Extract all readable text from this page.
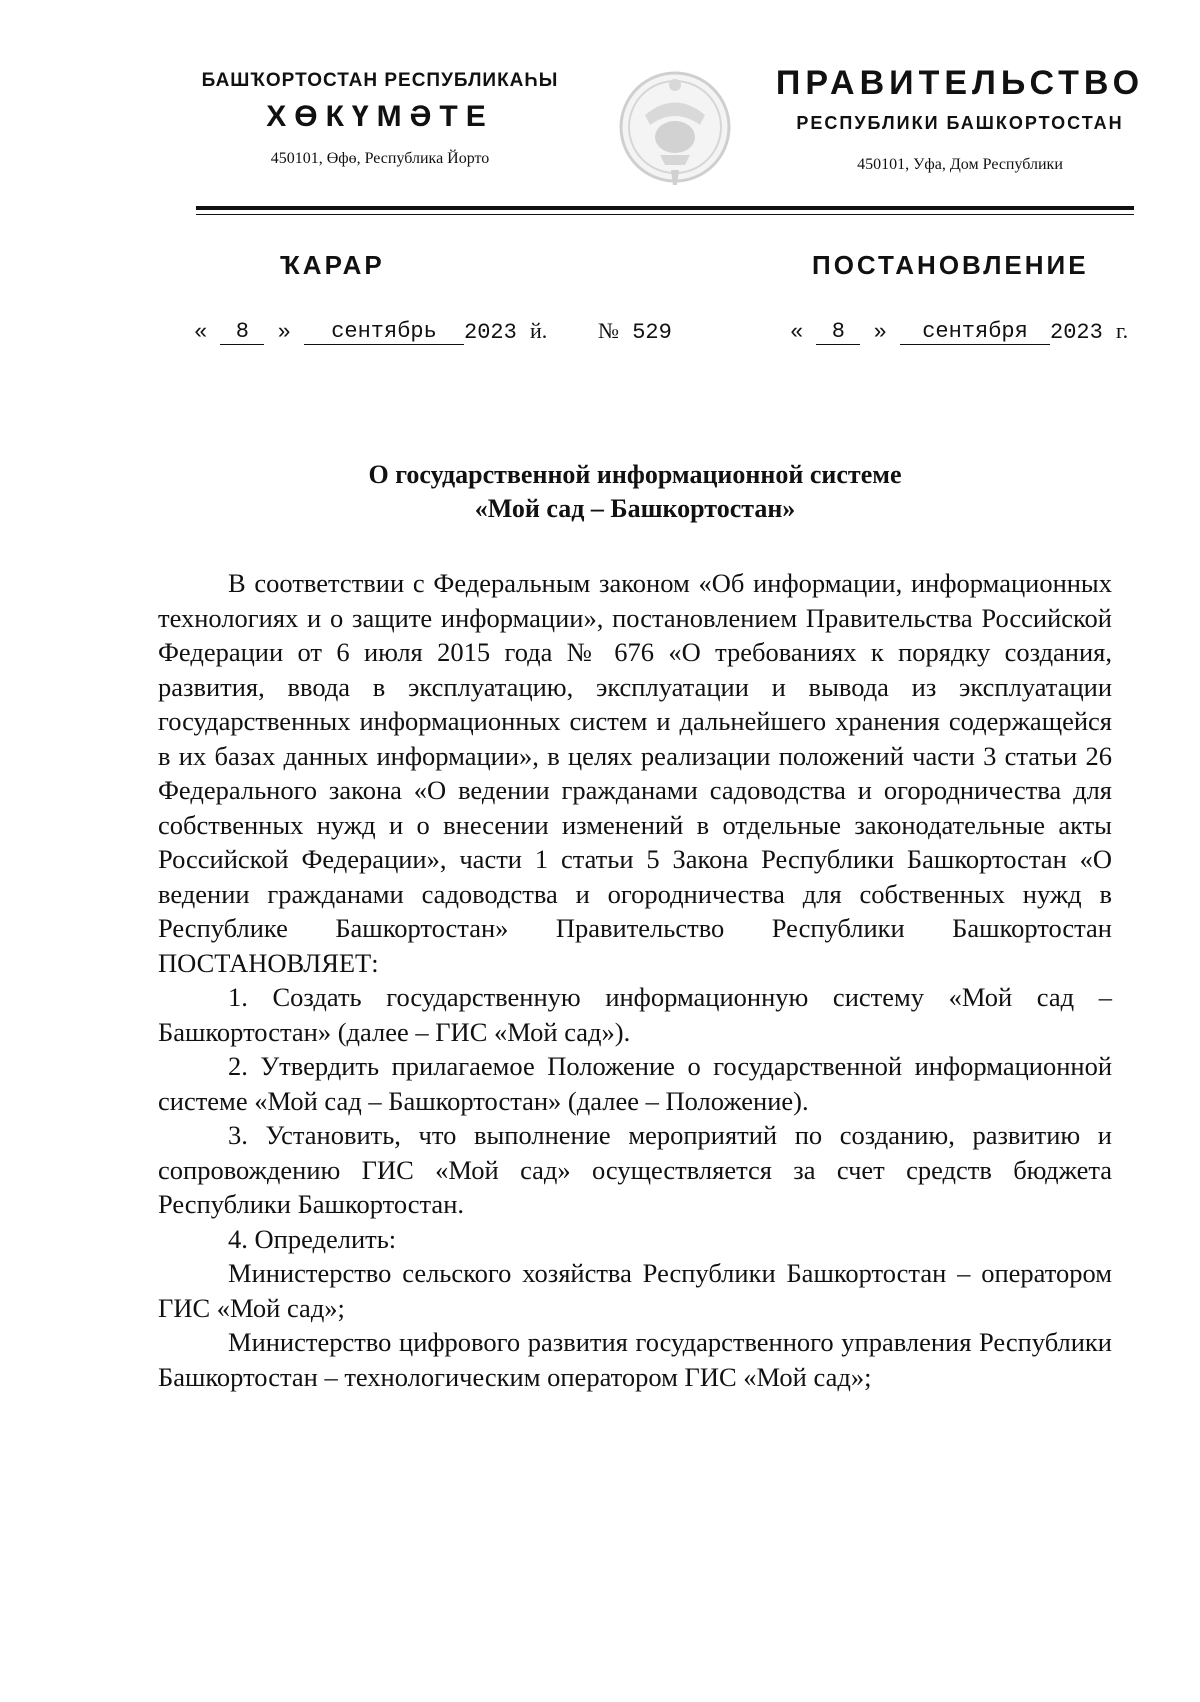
БАШҠОРТОСТАН РЕСПУБЛИКАҺЫ
ХӨКҮМӘТЕ
450101, Өфө, Республика Йорто
ПРАВИТЕЛЬСТВО
РЕСПУБЛИКИ БАШКОРТОСТАН
450101, Уфа, Дом Республики
ҠАРАР	ПОСТАНОВЛЕНИЕ
« 8 » сентябрь 2023 й. № 529	« 8 » сентября 2023 г.
О государственной информационной системе
«Мой сад – Башкортостан»

В соответствии с Федеральным законом «Об информации, информационных технологиях и о защите информации», постановлением Правительства Российской Федерации от 6 июля 2015 года № 676 «О требованиях к порядку создания, развития, ввода в эксплуатацию, эксплуатации и вывода из эксплуатации государственных информационных систем и дальнейшего хранения содержащейся в их базах данных информации», в целях реализации положений части 3 статьи 26 Федерального закона «О ведении гражданами садоводства и огородничества для собственных нужд и о внесении изменений в отдельные законодательные акты Российской Федерации», части 1 статьи 5 Закона Республики Башкортостан «О ведении гражданами садоводства и огородничества для собственных нужд в Республике Башкортостан» Правительство Республики Башкортостан ПОСТАНОВЛЯЕТ:

1. Создать государственную информационную систему «Мой сад – Башкортостан» (далее – ГИС «Мой сад»).

2. Утвердить прилагаемое Положение о государственной информационной системе «Мой сад – Башкортостан» (далее – Положение).

3. Установить, что выполнение мероприятий по созданию, развитию и сопровождению ГИС «Мой сад» осуществляется за счет средств бюджета Республики Башкортостан.

4. Определить:

Министерство сельского хозяйства Республики Башкортостан – оператором ГИС «Мой сад»;

Министерство цифрового развития государственного управления Республики Башкортостан – технологическим оператором ГИС «Мой сад»;
